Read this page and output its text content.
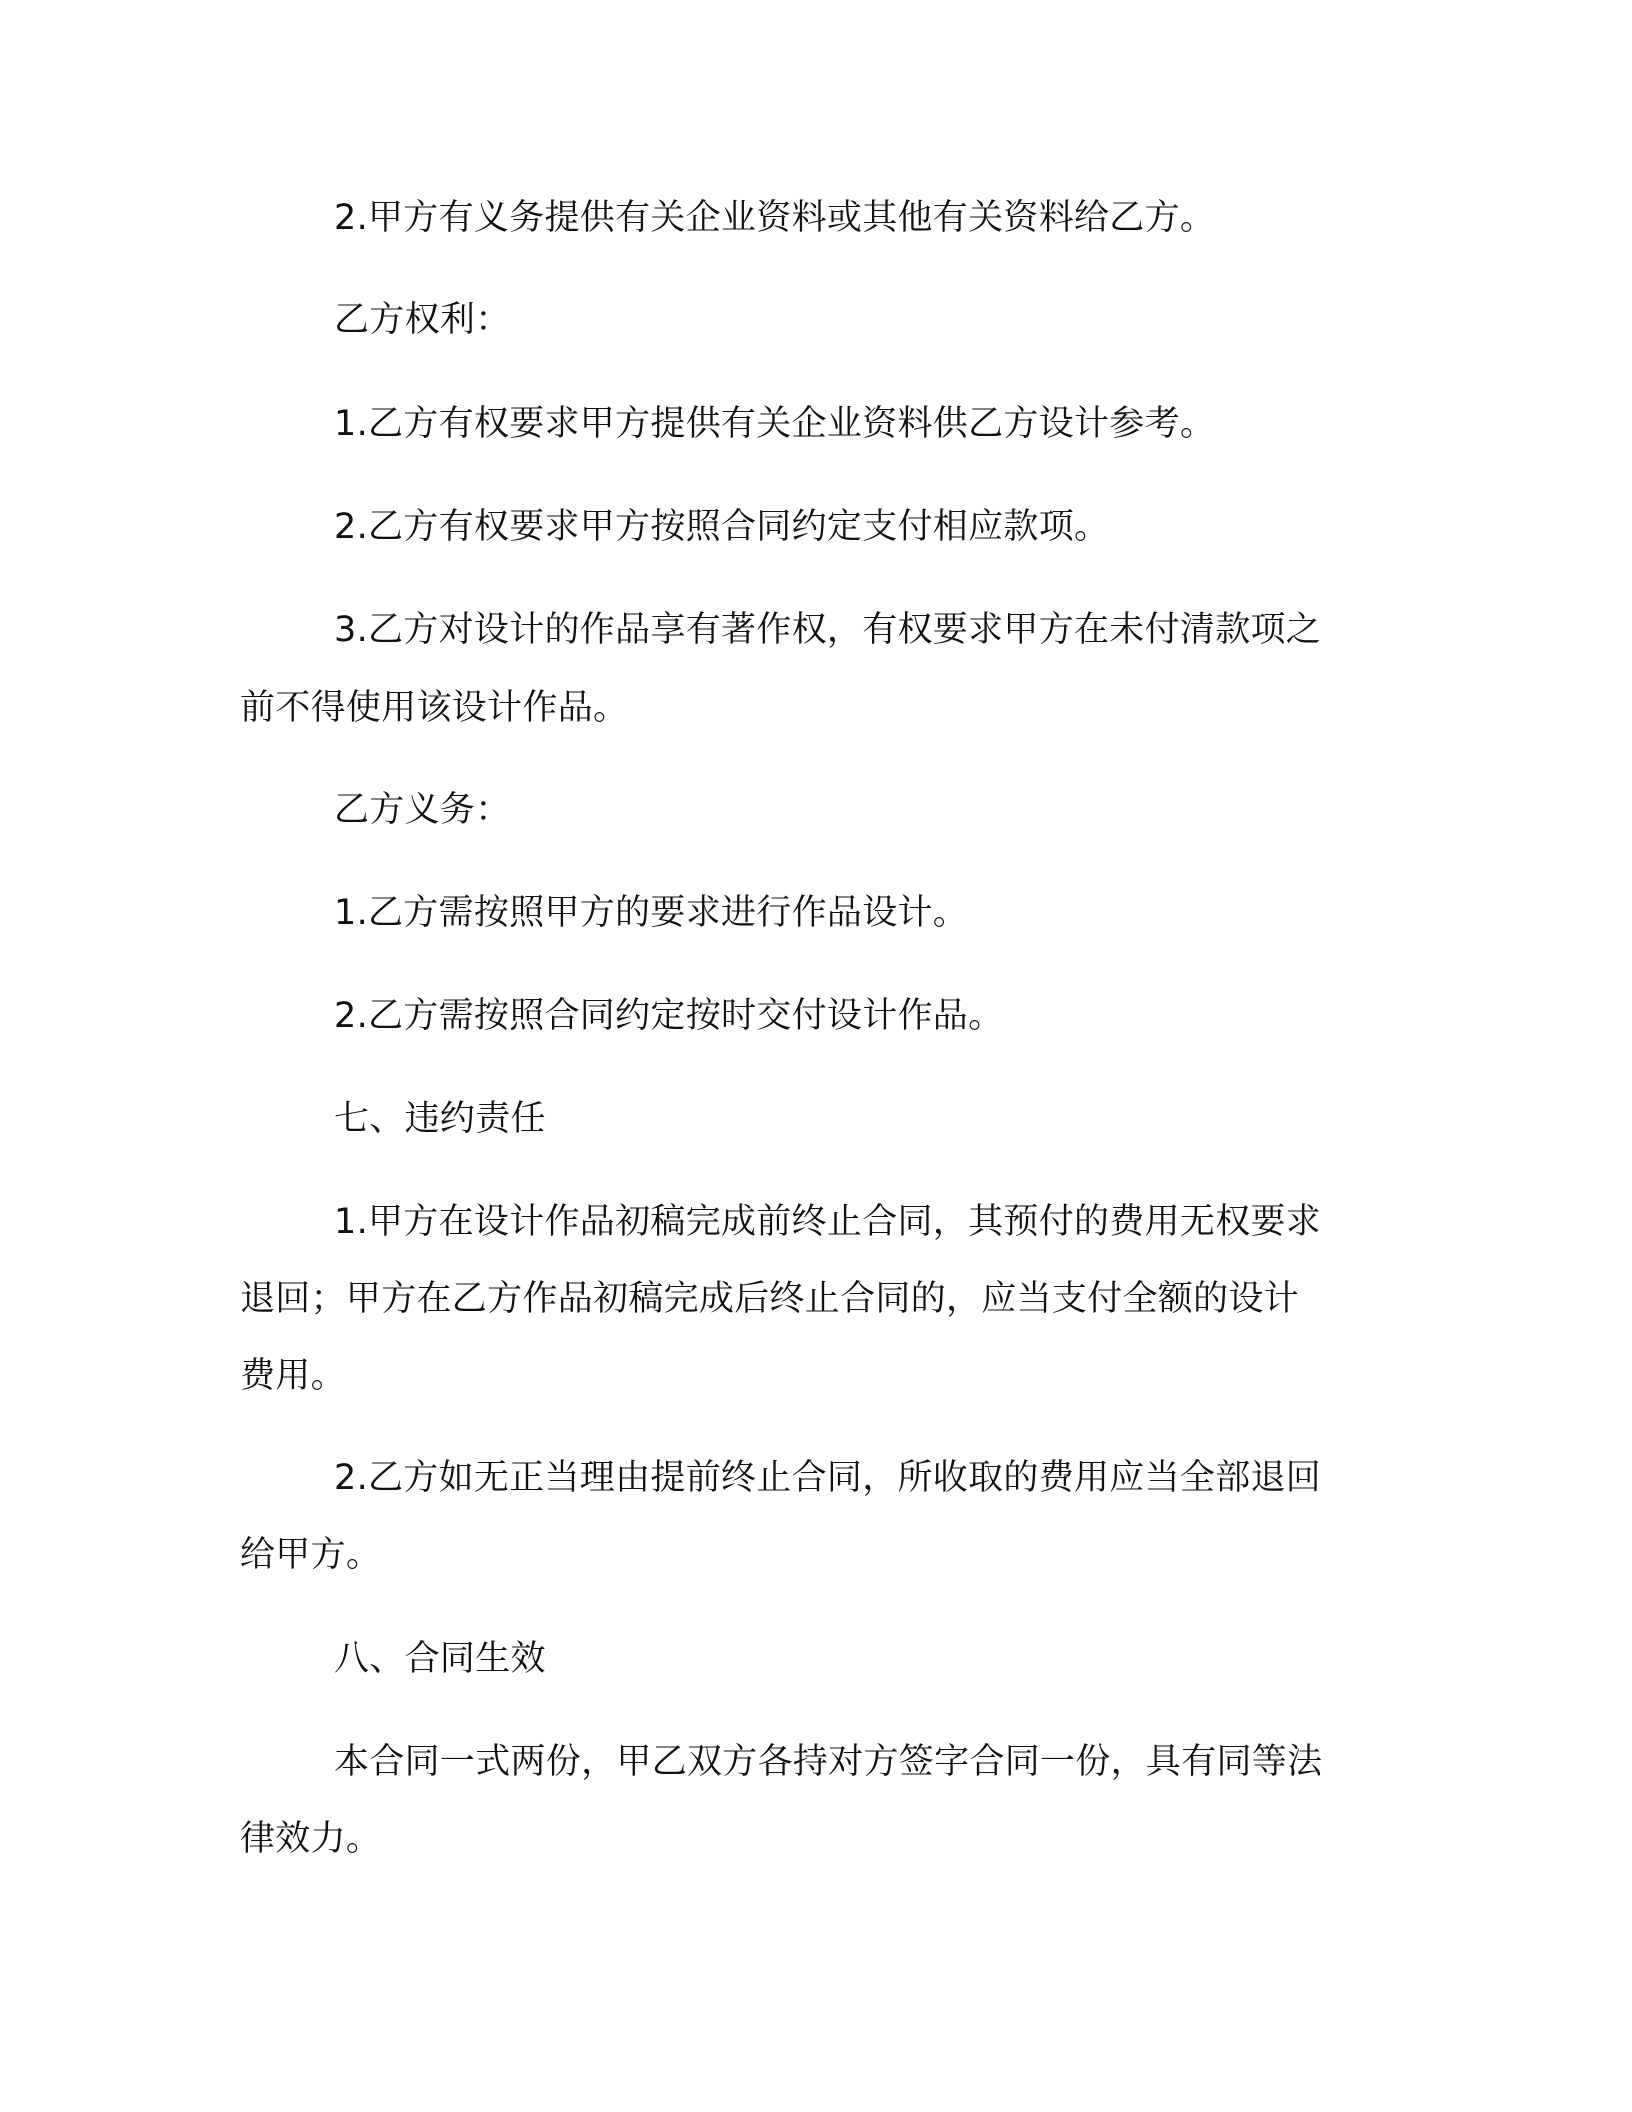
2.甲方有义务提供有关企业资料或其他有关资料给乙方。
乙方权利：
1.乙方有权要求甲方提供有关企业资料供乙方设计参考。
2.乙方有权要求甲方按照合同约定支付相应款项。
3.乙方对设计的作品享有著作权，有权要求甲方在未付清款项之
前不得使用该设计作品。
乙方义务：
1.乙方需按照甲方的要求进行作品设计。
2.乙方需按照合同约定按时交付设计作品。
七、违约责任
1.甲方在设计作品初稿完成前终止合同，其预付的费用无权要求
退回；甲方在乙方作品初稿完成后终止合同的，应当支付全额的设计
费用。
2.乙方如无正当理由提前终止合同，所收取的费用应当全部退回
给甲方。
八、合同生效
本合同一式两份，甲乙双方各持对方签字合同一份，具有同等法
律效力。
